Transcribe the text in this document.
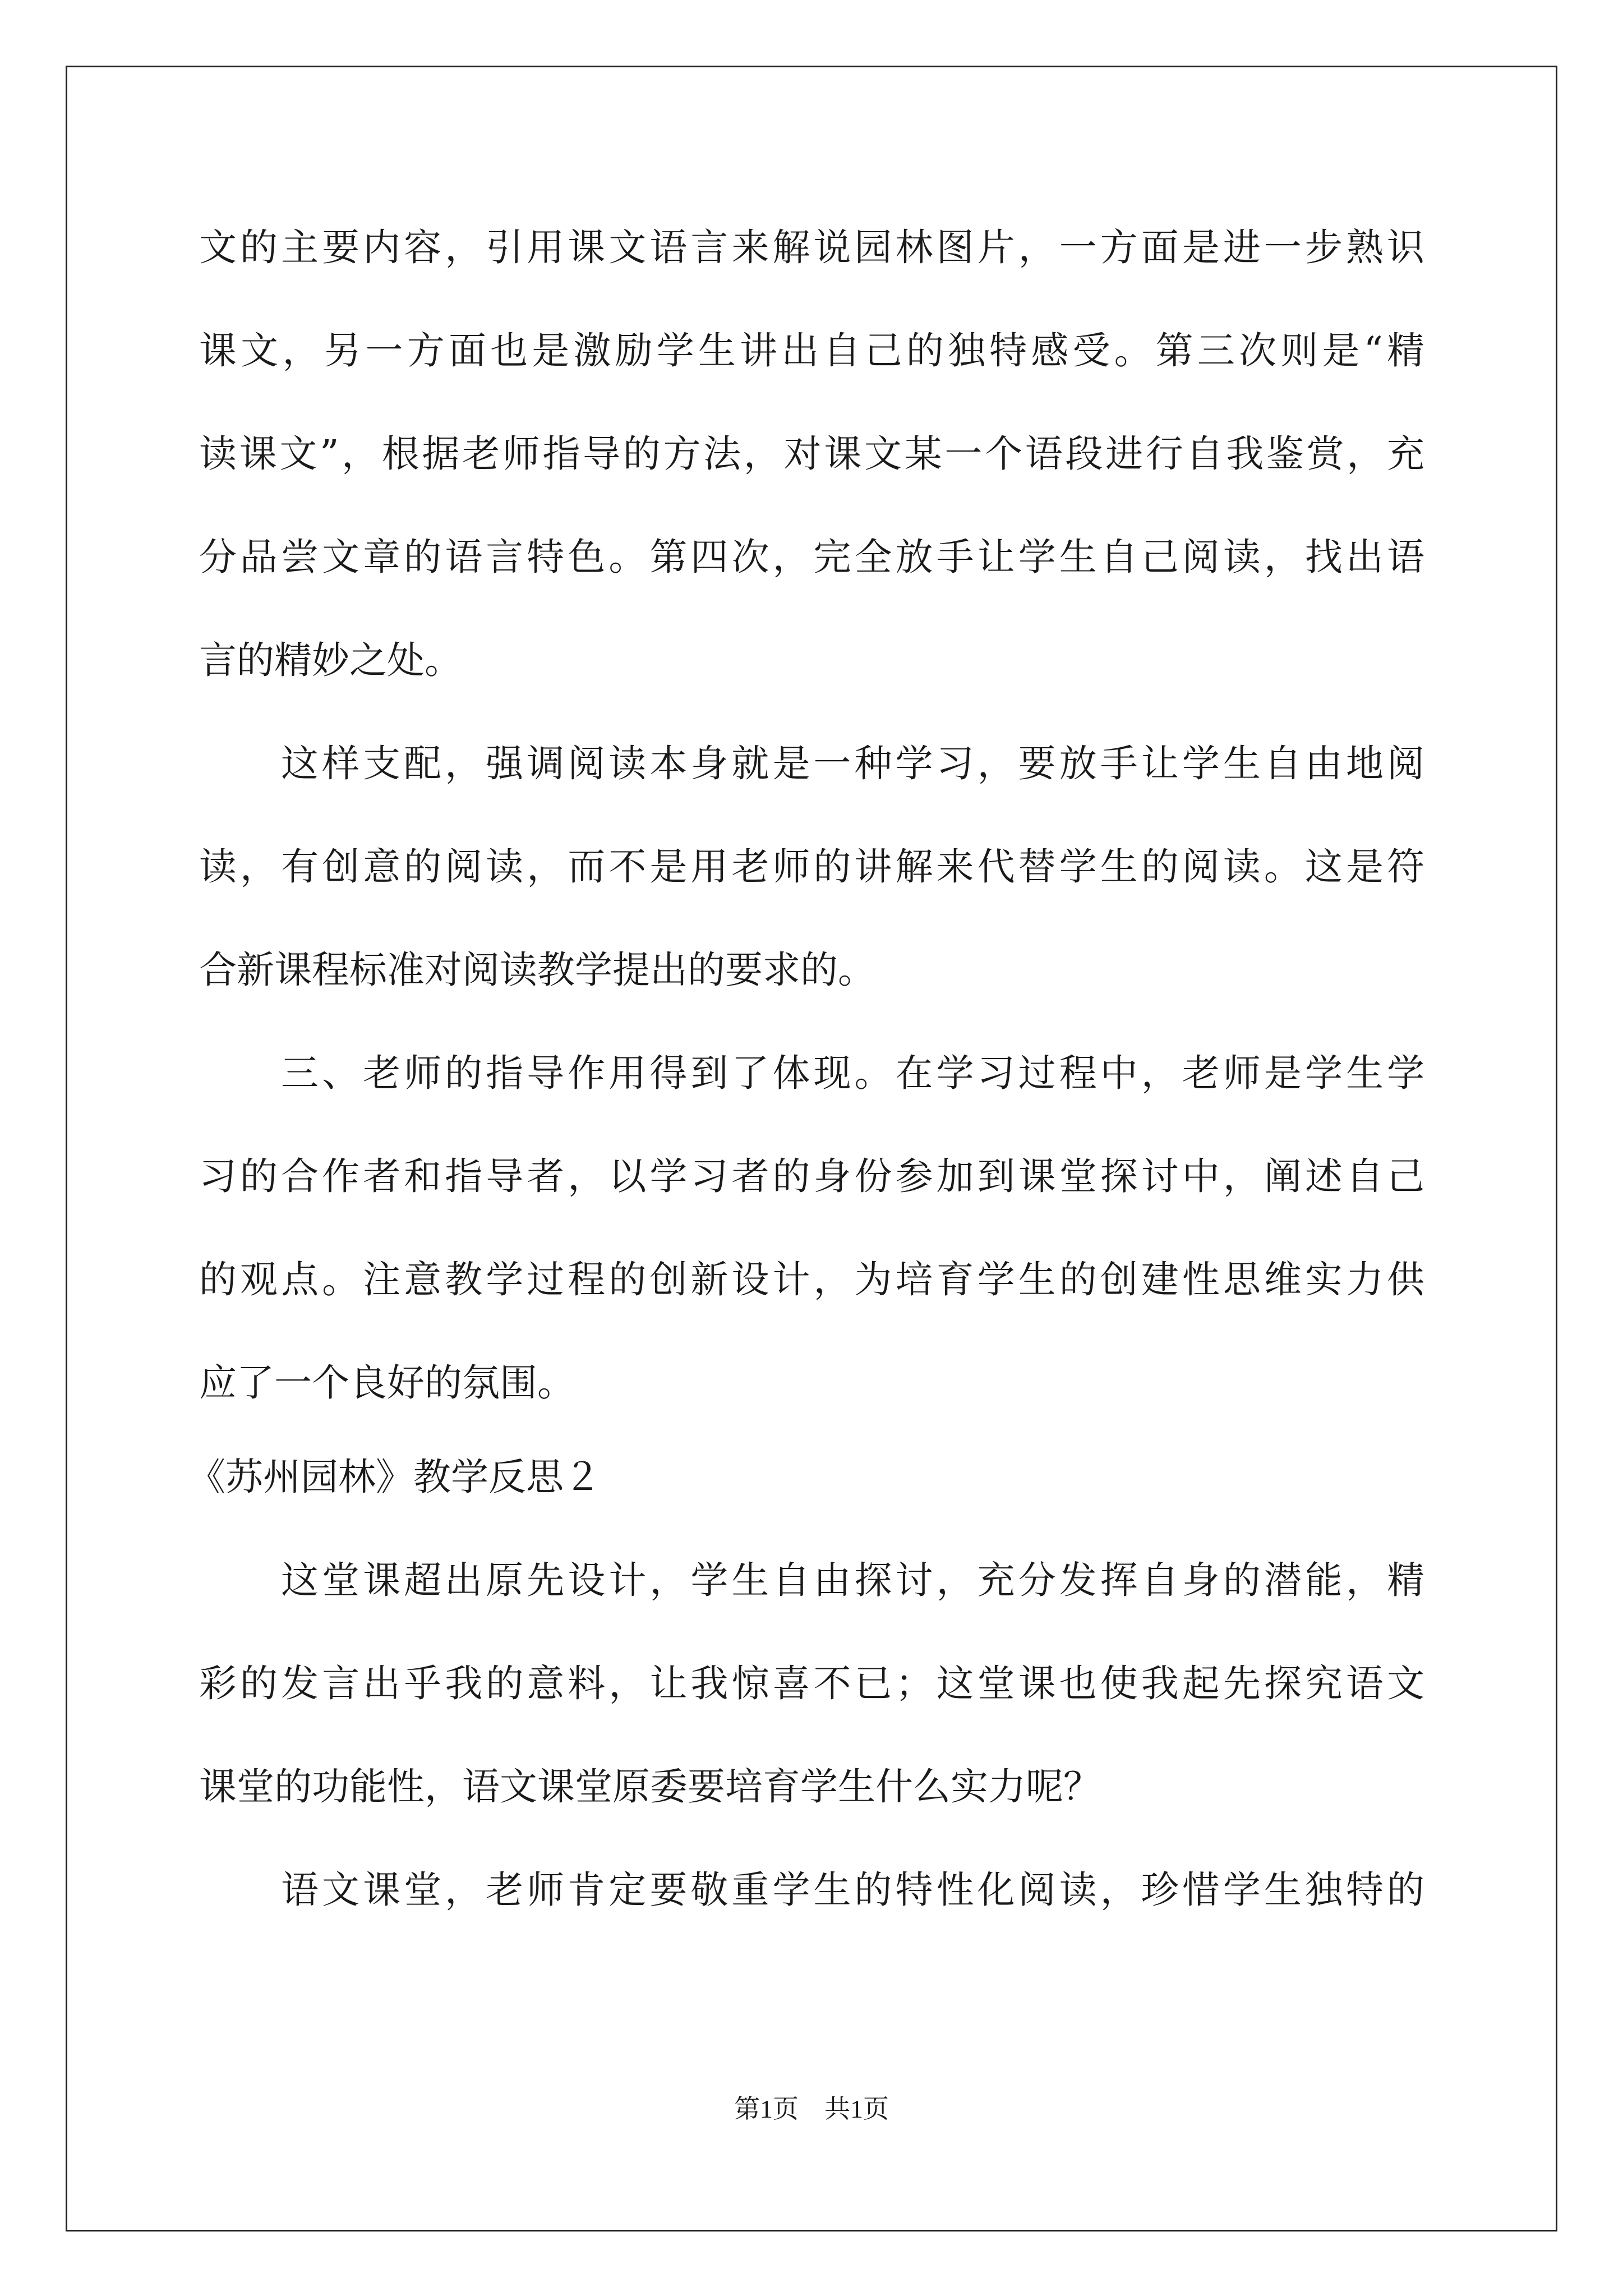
文的主要内容，引用课文语言来解说园林图片，一方面是进一步熟识
课文，另一方面也是激励学生讲出自己的独特感受。第三次则是“精
读课文”，根据老师指导的方法，对课文某一个语段进行自我鉴赏，充
分品尝文章的语言特色。第四次，完全放手让学生自己阅读，找出语
言的精妙之处。
这样支配，强调阅读本身就是一种学习，要放手让学生自由地阅
读，有创意的阅读，而不是用老师的讲解来代替学生的阅读。这是符
合新课程标准对阅读教学提出的要求的。
三、老师的指导作用得到了体现。在学习过程中，老师是学生学
习的合作者和指导者，以学习者的身份参加到课堂探讨中，阐述自己
的观点。注意教学过程的创新设计，为培育学生的创建性思维实力供
应了一个良好的氛围。
《苏州园林》教学反思２
这堂课超出原先设计，学生自由探讨，充分发挥自身的潜能，精
彩的发言出乎我的意料，让我惊喜不已；这堂课也使我起先探究语文
课堂的功能性，语文课堂原委要培育学生什么实力呢？
语文课堂，老师肯定要敬重学生的特性化阅读，珍惜学生独特的
第1页　共1页
